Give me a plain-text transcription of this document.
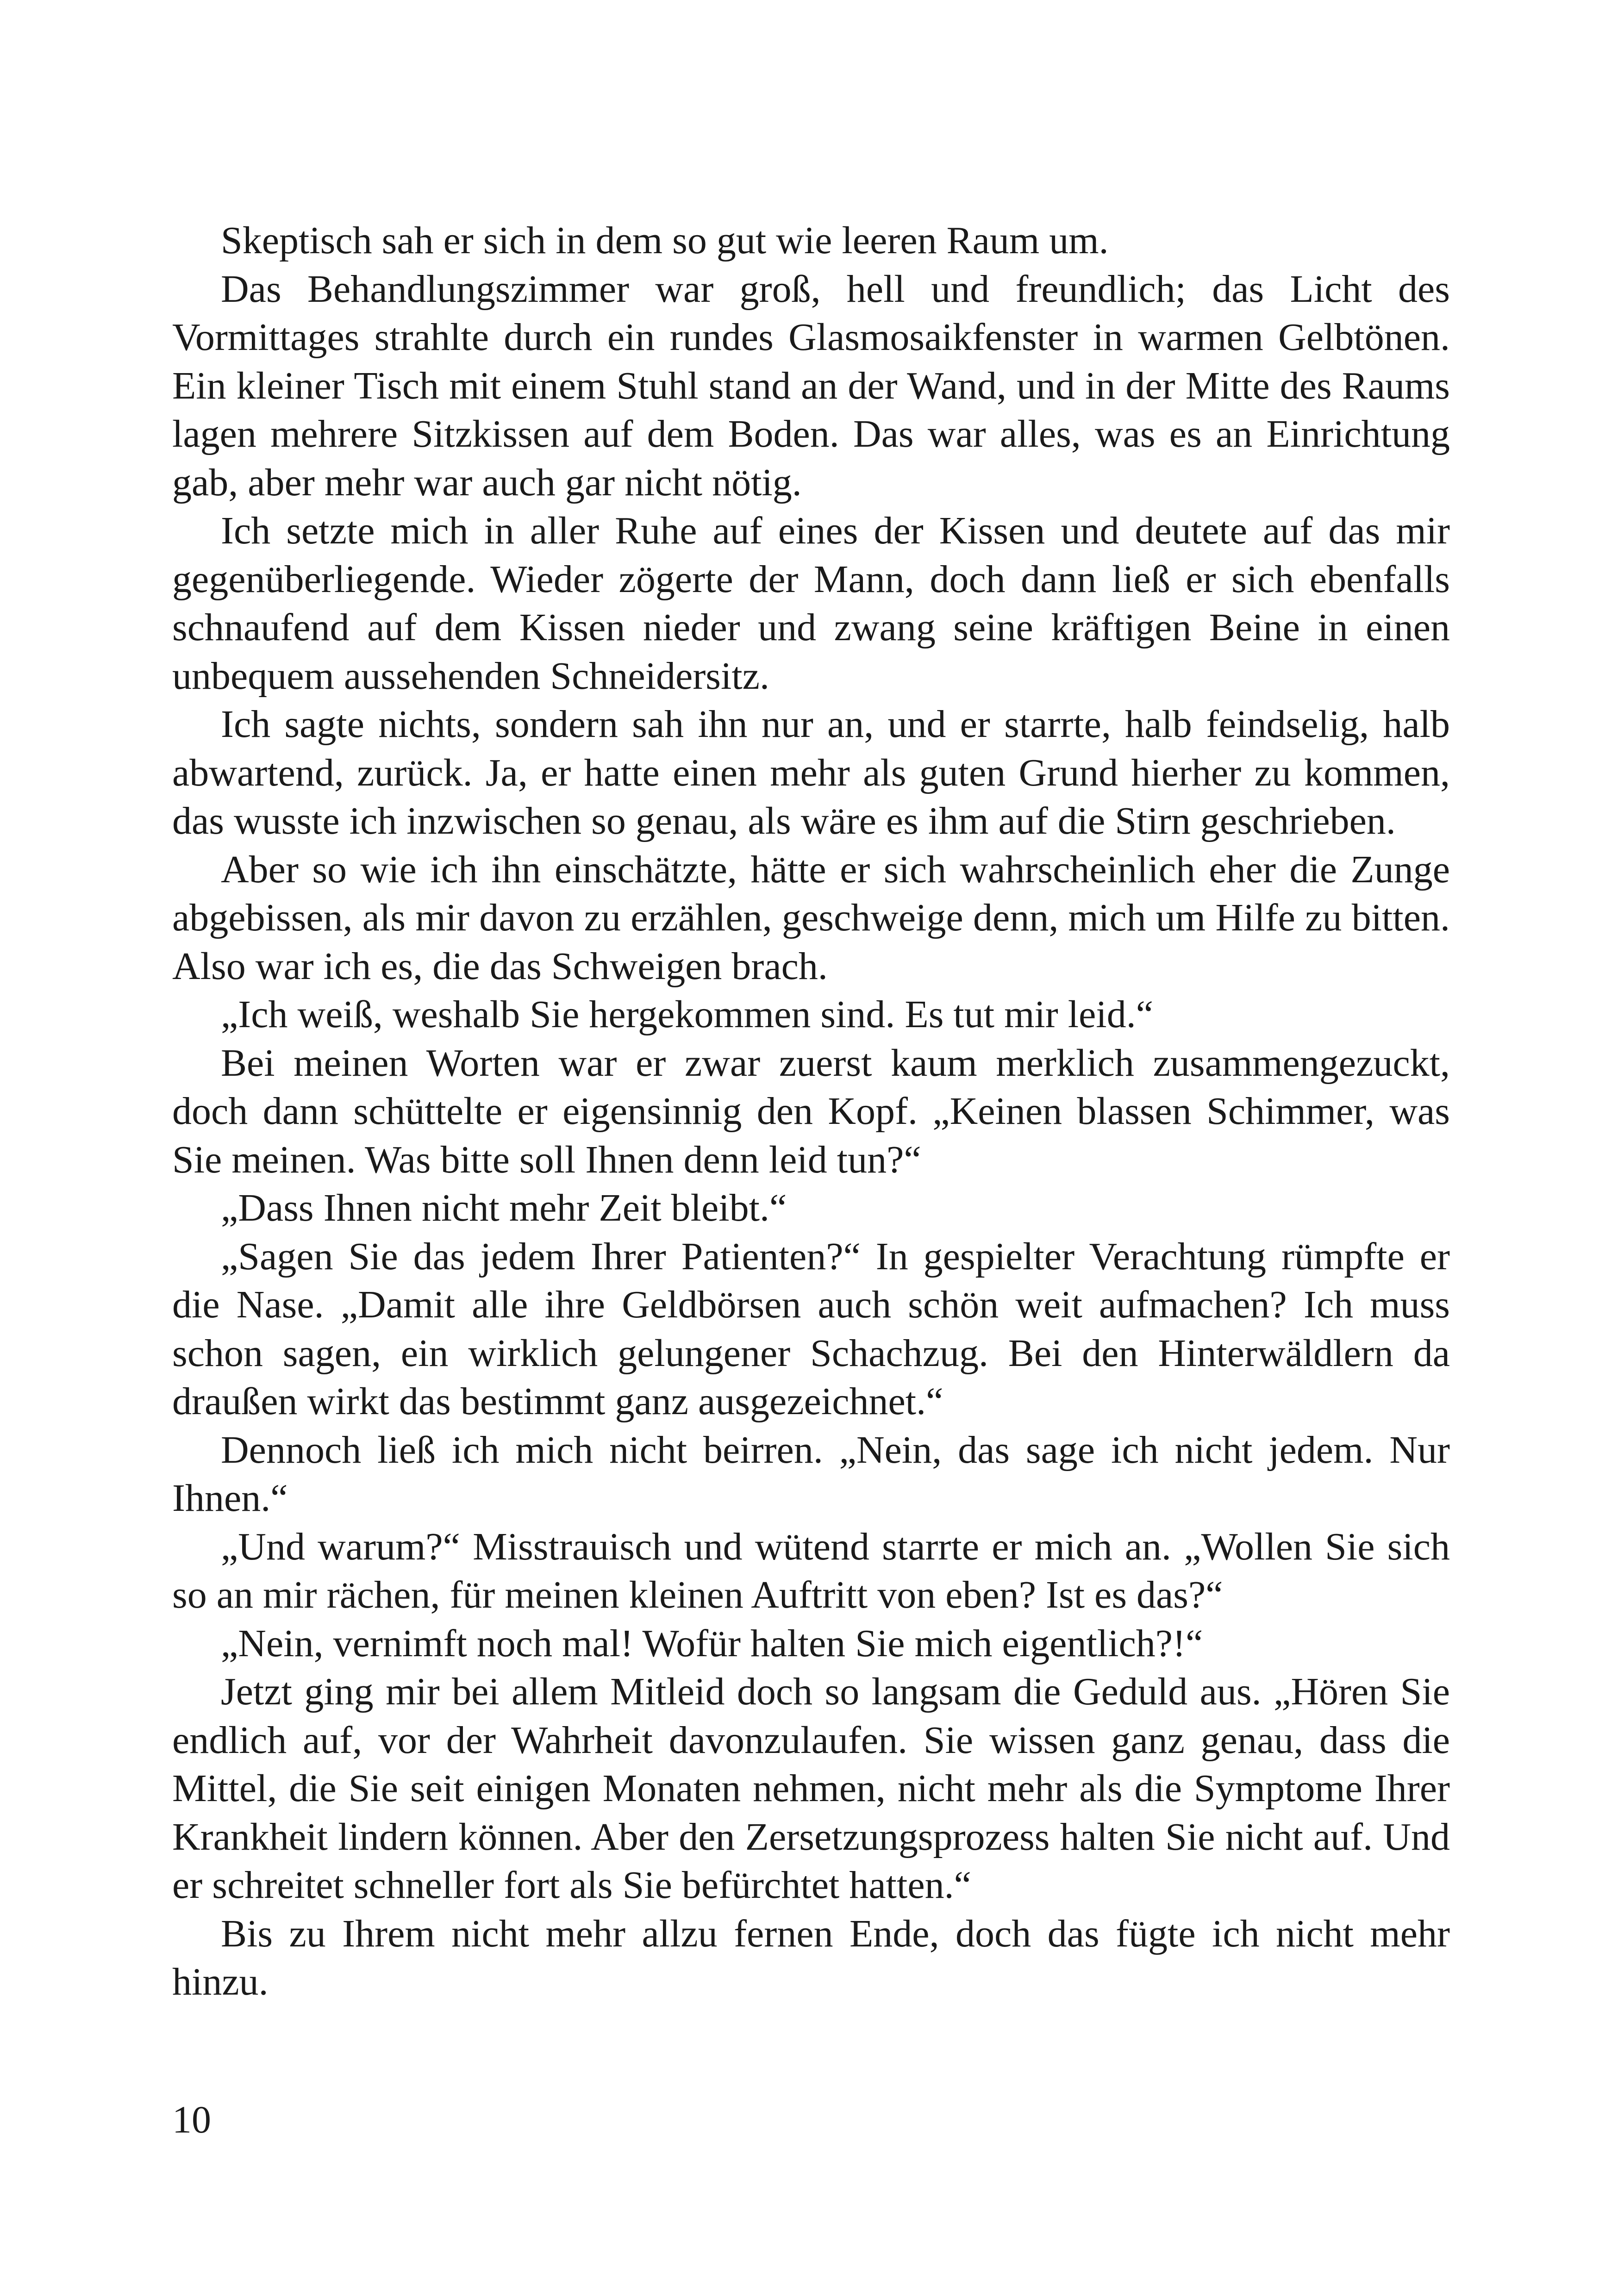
Skeptisch sah er sich in dem so gut wie leeren Raum um.

Das Behandlungszimmer war groß, hell und freundlich; das Licht des Vormittages strahlte durch ein rundes Glasmosaikfenster in warmen Gelbtönen. Ein kleiner Tisch mit einem Stuhl stand an der Wand, und in der Mitte des Raums lagen mehrere Sitzkissen auf dem Boden. Das war alles, was es an Einrichtung gab, aber mehr war auch gar nicht nötig.

Ich setzte mich in aller Ruhe auf eines der Kissen und deutete auf das mir gegenüberliegende. Wieder zögerte der Mann, doch dann ließ er sich ebenfalls schnaufend auf dem Kissen nieder und zwang seine kräftigen Beine in einen unbequem aussehenden Schneidersitz.

Ich sagte nichts, sondern sah ihn nur an, und er starrte, halb feindselig, halb abwartend, zurück. Ja, er hatte einen mehr als guten Grund hierher zu kommen, das wusste ich inzwischen so genau, als wäre es ihm auf die Stirn geschrieben.

Aber so wie ich ihn einschätzte, hätte er sich wahrscheinlich eher die Zunge abgebissen, als mir davon zu erzählen, geschweige denn, mich um Hilfe zu bitten. Also war ich es, die das Schweigen brach.

„Ich weiß, weshalb Sie hergekommen sind. Es tut mir leid.“

Bei meinen Worten war er zwar zuerst kaum merklich zusammengezuckt, doch dann schüttelte er eigensinnig den Kopf. „Keinen blassen Schimmer, was Sie meinen. Was bitte soll Ihnen denn leid tun?“

„Dass Ihnen nicht mehr Zeit bleibt.“

„Sagen Sie das jedem Ihrer Patienten?“ In gespielter Verachtung rümpfte er die Nase. „Damit alle ihre Geldbörsen auch schön weit aufmachen? Ich muss schon sagen, ein wirklich gelungener Schachzug. Bei den Hinterwäldlern da draußen wirkt das bestimmt ganz ausgezeichnet.“

Dennoch ließ ich mich nicht beirren. „Nein, das sage ich nicht jedem. Nur Ihnen.“

„Und warum?“ Misstrauisch und wütend starrte er mich an. „Wollen Sie sich so an mir rächen, für meinen kleinen Auftritt von eben? Ist es das?“

„Nein, vernimft noch mal! Wofür halten Sie mich eigentlich?!“

Jetzt ging mir bei allem Mitleid doch so langsam die Geduld aus. „Hören Sie endlich auf, vor der Wahrheit davonzulaufen. Sie wissen ganz genau, dass die Mittel, die Sie seit einigen Monaten nehmen, nicht mehr als die Symptome Ihrer Krankheit lindern können. Aber den Zersetzungsprozess halten Sie nicht auf. Und er schreitet schneller fort als Sie befürchtet hatten.“

Bis zu Ihrem nicht mehr allzu fernen Ende, doch das fügte ich nicht mehr hinzu.

10
